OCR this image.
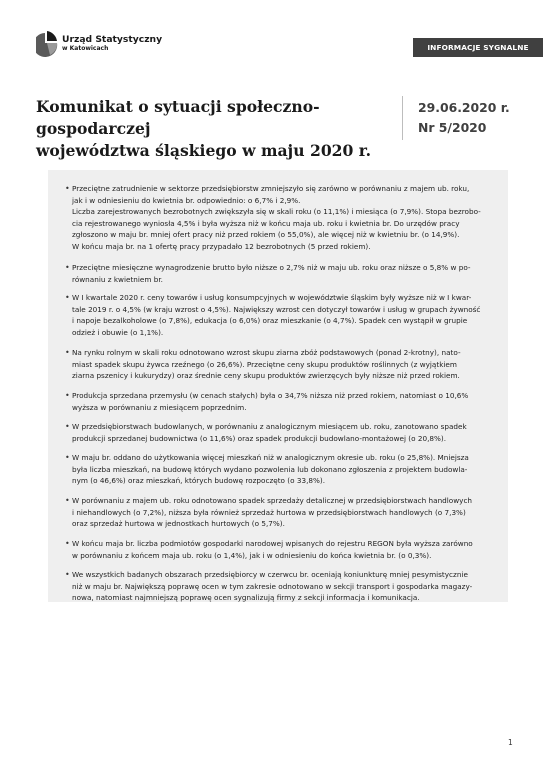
Urząd Statystyczny
w Katowicach	INFORMACJE SYGNALNE
Komunikat o sytuacji społeczno-gospodarczej
województwa śląskiego w maju 2020 r.
29.06.2020 r.
Nr 5/2020
• Przeciętne zatrudnienie w sektorze przedsiębiorstw zmniejszyło się zarówno w porównaniu z majem ub. roku,
jak i w odniesieniu do kwietnia br. odpowiednio: o 6,7% i 2,9%.
Liczba zarejestrowanych bezrobotnych zwiększyła się w skali roku (o 11,1%) i miesiąca (o 7,9%). Stopa bezrobo-
cia rejestrowanego wyniosła 4,5% i była wyższa niż w końcu maja ub. roku i kwietnia br. Do urzędów pracy
zgłoszono w maju br. mniej ofert pracy niż przed rokiem (o 55,0%), ale więcej niż w kwietniu br. (o 14,9%).
W końcu maja br. na 1 ofertę pracy przypadało 12 bezrobotnych (5 przed rokiem).
• Przeciętne miesięczne wynagrodzenie brutto było niższe o 2,7% niż w maju ub. roku oraz niższe o 5,8% w po-
równaniu z kwietniem br.
• W I kwartale 2020 r. ceny towarów i usług konsumpcyjnych w województwie śląskim były wyższe niż w I kwar-
tale 2019 r. o 4,5% (w kraju wzrost o 4,5%). Największy wzrost cen dotyczył towarów i usług w grupach żywność
i napoje bezalkoholowe (o 7,8%), edukacja (o 6,0%) oraz mieszkanie (o 4,7%). Spadek cen wystąpił w grupie
odzież i obuwie (o 1,1%).
• Na rynku rolnym w skali roku odnotowano wzrost skupu ziarna zbóż podstawowych (ponad 2-krotny), nato-
miast spadek skupu żywca rzeźnego (o 26,6%). Przeciętne ceny skupu produktów roślinnych (z wyjątkiem
ziarna pszenicy i kukurydzy) oraz średnie ceny skupu produktów zwierzęcych były niższe niż przed rokiem.
• Produkcja sprzedana przemysłu (w cenach stałych) była o 34,7% niższa niż przed rokiem, natomiast o 10,6%
wyższa w porównaniu z miesiącem poprzednim.
• W przedsiębiorstwach budowlanych, w porównaniu z analogicznym miesiącem ub. roku, zanotowano spadek
produkcji sprzedanej budownictwa (o 11,6%) oraz spadek produkcji budowlano-montażowej (o 20,8%).
• W maju br. oddano do użytkowania więcej mieszkań niż w analogicznym okresie ub. roku (o 25,8%). Mniejsza
była liczba mieszkań, na budowę których wydano pozwolenia lub dokonano zgłoszenia z projektem budowla-
nym (o 46,6%) oraz mieszkań, których budowę rozpoczęto (o 33,8%).
• W porównaniu z majem ub. roku odnotowano spadek sprzedaży detalicznej w przedsiębiorstwach handlowych
i niehandlowych (o 7,2%), niższa była również sprzedaż hurtowa w przedsiębiorstwach handlowych (o 7,3%)
oraz sprzedaż hurtowa w jednostkach hurtowych (o 5,7%).
• W końcu maja br. liczba podmiotów gospodarki narodowej wpisanych do rejestru REGON była wyższa zarówno
w porównaniu z końcem maja ub. roku (o 1,4%), jak i w odniesieniu do końca kwietnia br. (o 0,3%).
• We wszystkich badanych obszarach przedsiębiorcy w czerwcu br. oceniają koniunkturę mniej pesymistycznie
niż w maju br. Największą poprawę ocen w tym zakresie odnotowano w sekcji transport i gospodarka magazy-
nowa, natomiast najmniejszą poprawę ocen sygnalizują firmy z sekcji informacja i komunikacja.
1
